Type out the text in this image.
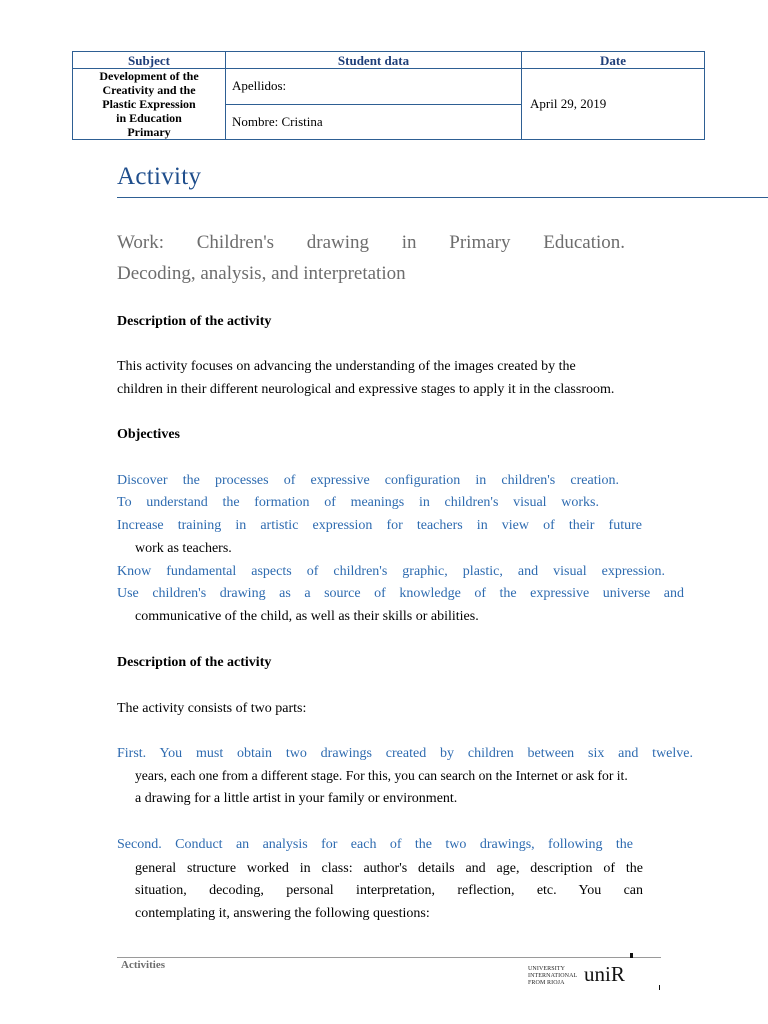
Subject	Student data	Date

Development of the
Creativity and the
Plastic Expression
in Education
Primary	Apellidos:	April 29, 2019
	Nombre: Cristina	
Activity
Work: Children's drawing in Primary Education.
Decoding, analysis, and interpretation

Description of the activity

This activity focuses on advancing the understanding of the images created by the

children in their different neurological and expressive stages to apply it in the classroom.

Objectives

Discover the processes of expressive configuration in children's creation.

To understand the formation of meanings in children's visual works.

Increase training in artistic expression for teachers in view of their future

work as teachers.

Know fundamental aspects of children's graphic, plastic, and visual expression.

Use children's drawing as a source of knowledge of the expressive universe and

communicative of the child, as well as their skills or abilities.

Description of the activity

The activity consists of two parts:

First. You must obtain two drawings created by children between six and twelve.

years, each one from a different stage. For this, you can search on the Internet or ask for it.

a drawing for a little artist in your family or environment.

Second. Conduct an analysis for each of the two drawings, following the

general structure worked in class: author's details and age, description of the

situation, decoding, personal interpretation, reflection, etc. You can

contemplating it, answering the following questions:

Activities	UNIVERSITY
INTERNATIONAL
FROM RIOJA uniR
